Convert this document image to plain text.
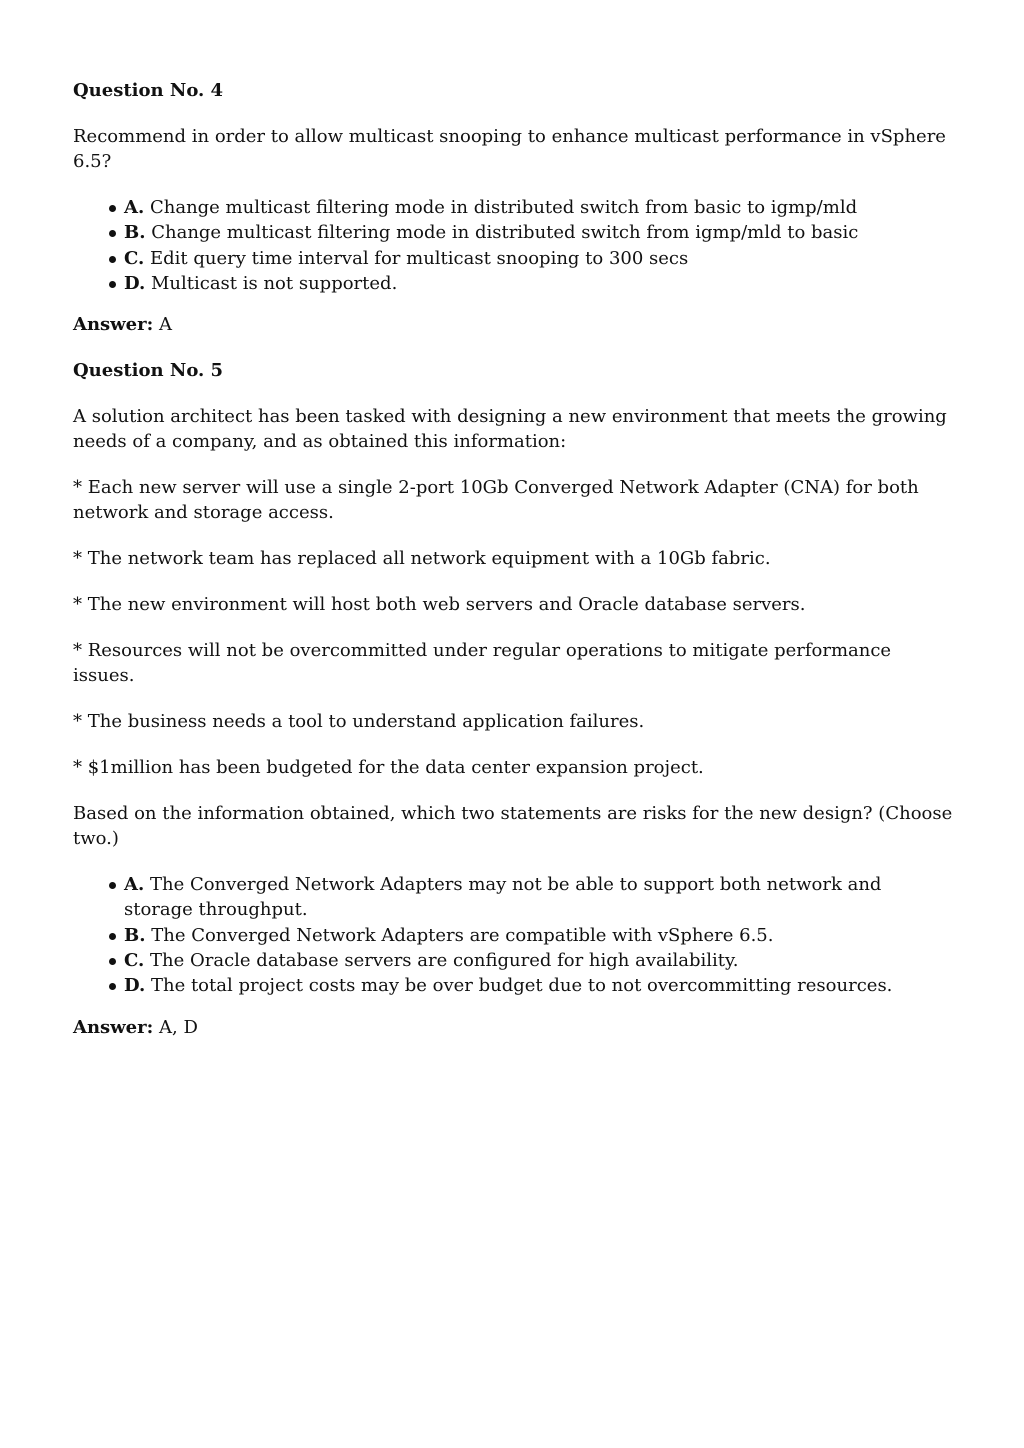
Question No. 4

Recommend in order to allow multicast snooping to enhance multicast performance in vSphere 6.5?

A. Change multicast filtering mode in distributed switch from basic to igmp/mld
B. Change multicast filtering mode in distributed switch from igmp/mld to basic
C. Edit query time interval for multicast snooping to 300 secs
D. Multicast is not supported.

Answer: A

Question No. 5

A solution architect has been tasked with designing a new environment that meets the growing needs of a company, and as obtained this information:

* Each new server will use a single 2-port 10Gb Converged Network Adapter (CNA) for both network and storage access.

* The network team has replaced all network equipment with a 10Gb fabric.

* The new environment will host both web servers and Oracle database servers.

* Resources will not be overcommitted under regular operations to mitigate performance issues.

* The business needs a tool to understand application failures.

* $1million has been budgeted for the data center expansion project.

Based on the information obtained, which two statements are risks for the new design? (Choose two.)

A. The Converged Network Adapters may not be able to support both network and storage throughput.
B. The Converged Network Adapters are compatible with vSphere 6.5.
C. The Oracle database servers are configured for high availability.
D. The total project costs may be over budget due to not overcommitting resources.

Answer: A, D
